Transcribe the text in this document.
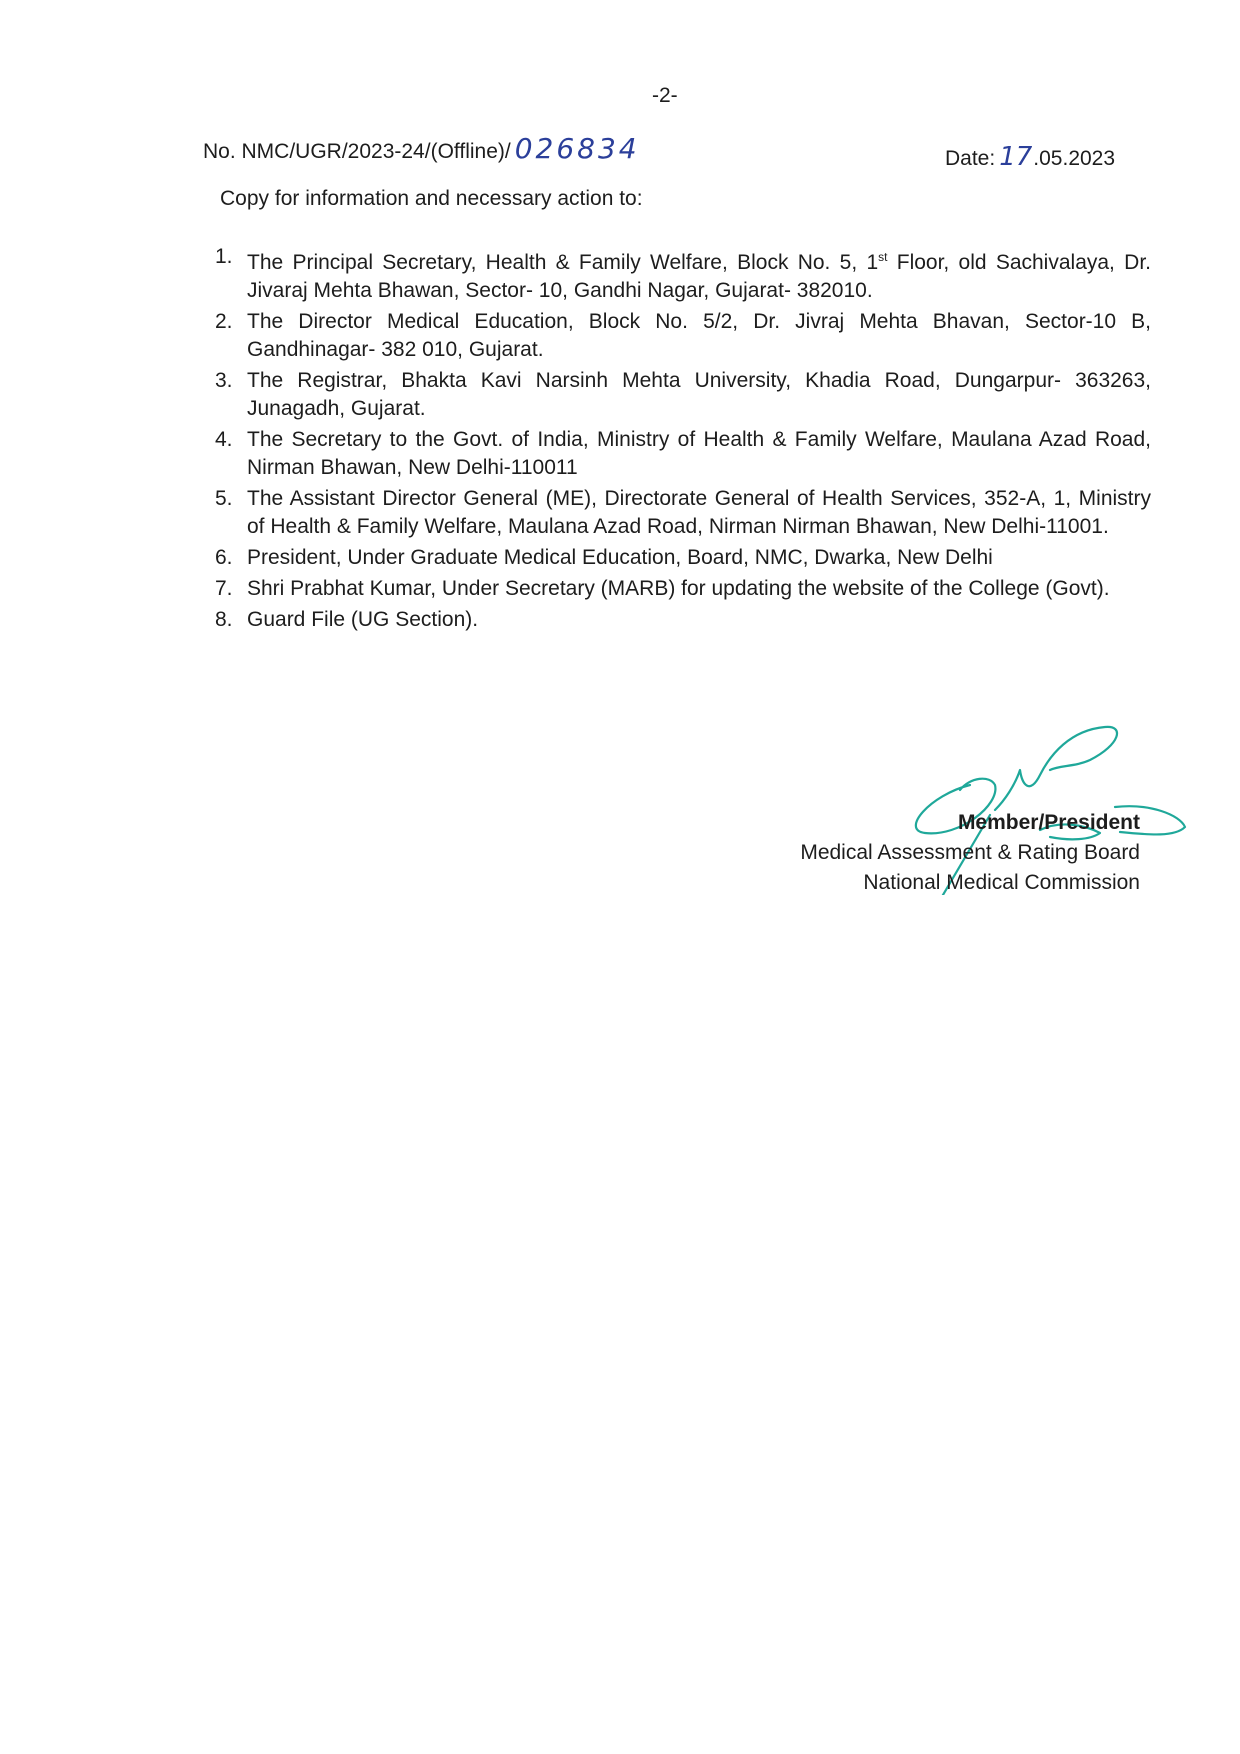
-2-
No. NMC/UGR/2023-24/(Offline)/ 026834	Date: 17.05.2023
Copy for information and necessary action to:
1. The Principal Secretary, Health & Family Welfare, Block No. 5, 1st Floor, old Sachivalaya, Dr. Jivaraj Mehta Bhawan, Sector- 10, Gandhi Nagar, Gujarat- 382010.
2. The Director Medical Education, Block No. 5/2, Dr. Jivraj Mehta Bhavan, Sector-10 B, Gandhinagar- 382 010, Gujarat.
3. The Registrar, Bhakta Kavi Narsinh Mehta University, Khadia Road, Dungarpur- 363263, Junagadh, Gujarat.
4. The Secretary to the Govt. of India, Ministry of Health & Family Welfare, Maulana Azad Road, Nirman Bhawan, New Delhi-110011
5. The Assistant Director General (ME), Directorate General of Health Services, 352-A, 1, Ministry of Health & Family Welfare, Maulana Azad Road, Nirman Nirman Bhawan, New Delhi-11001.
6. President, Under Graduate Medical Education, Board, NMC, Dwarka, New Delhi
7. Shri Prabhat Kumar, Under Secretary (MARB) for updating the website of the College (Govt).
8. Guard File (UG Section).
Member/President
Medical Assessment & Rating Board
National Medical Commission
